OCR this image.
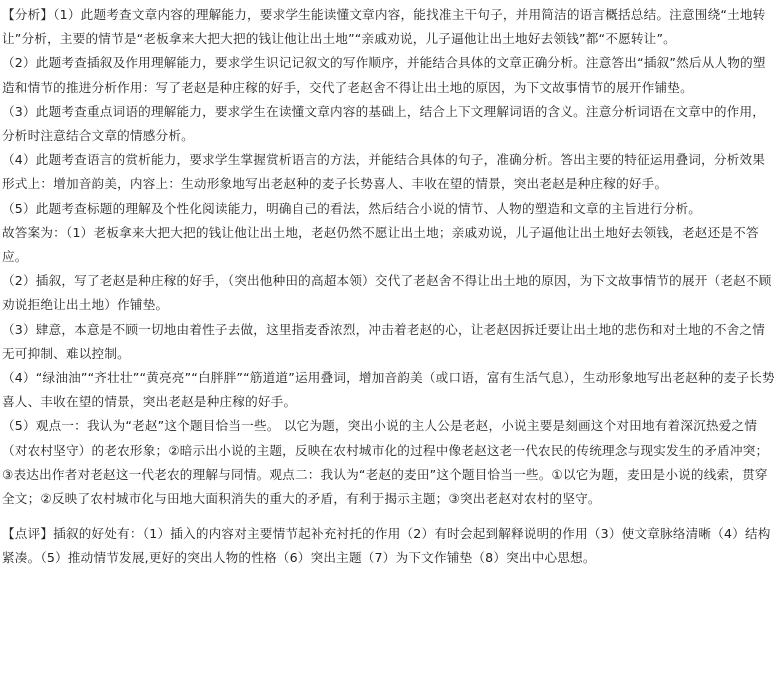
【分析】（1）此题考查文章内容的理解能力，要求学生能读懂文章内容，能找准主干句子，并用简洁的语言概括总结。注意围绕“土地转让”分析，主要的情节是“老板拿来大把大把的钱让他让出土地”“亲戚劝说，儿子逼他让出土地好去领钱”都“不愿转让”。

（2）此题考查插叙及作用理解能力，要求学生识记记叙文的写作顺序，并能结合具体的文章正确分析。注意答出“插叙”然后从人物的塑造和情节的推进分析作用：写了老赵是种庄稼的好手，交代了老赵舍不得让出土地的原因，为下文故事情节的展开作铺垫。

（3）此题考查重点词语的理解能力，要求学生在读懂文章内容的基础上，结合上下文理解词语的含义。注意分析词语在文章中的作用，分析时注意结合文章的情感分析。

（4）此题考查语言的赏析能力，要求学生掌握赏析语言的方法，并能结合具体的句子，准确分析。答出主要的特征运用叠词，分析效果形式上：增加音韵美，内容上：生动形象地写出老赵种的麦子长势喜人、丰收在望的情景，突出老赵是种庄稼的好手。

（5）此题考查标题的理解及个性化阅读能力，明确自己的看法，然后结合小说的情节、人物的塑造和文章的主旨进行分析。

故答案为：（1）老板拿来大把大把的钱让他让出土地，老赵仍然不愿让出土地；亲戚劝说，儿子逼他让出土地好去领钱，老赵还是不答应。

（2）插叙，写了老赵是种庄稼的好手，（突出他种田的高超本领）交代了老赵舍不得让出土地的原因，为下文故事情节的展开（老赵不顾劝说拒绝让出土地）作铺垫。

（3）肆意，本意是不顾一切地由着性子去做，这里指麦香浓烈，冲击着老赵的心，让老赵因拆迁要让出土地的悲伤和对土地的不舍之情无可抑制、难以控制。

（4）“绿油油”“齐壮壮”“黄亮亮”“白胖胖”“筋道道”运用叠词，增加音韵美（或口语，富有生活气息），生动形象地写出老赵种的麦子长势喜人、丰收在望的情景，突出老赵是种庄稼的好手。

（5）观点一：我认为“老赵”这个题目恰当一些。 以它为题，突出小说的主人公是老赵，小说主要是刻画这个对田地有着深沉热爱之情（对农村坚守）的老农形象；②暗示出小说的主题，反映在农村城市化的过程中像老赵这老一代农民的传统理念与现实发生的矛盾冲突；③表达出作者对老赵这一代老农的理解与同情。观点二：我认为“老赵的麦田”这个题目恰当一些。①以它为题，麦田是小说的线索，贯穿全文；②反映了农村城市化与田地大面积消失的重大的矛盾，有利于揭示主题；③突出老赵对农村的坚守。

【点评】插叙的好处有：（1）插入的内容对主要情节起补充衬托的作用（2）有时会起到解释说明的作用（3）使文章脉络清晰（4）结构紧凑。（5）推动情节发展,更好的突出人物的性格（6）突出主题（7）为下文作铺垫（8）突出中心思想。
